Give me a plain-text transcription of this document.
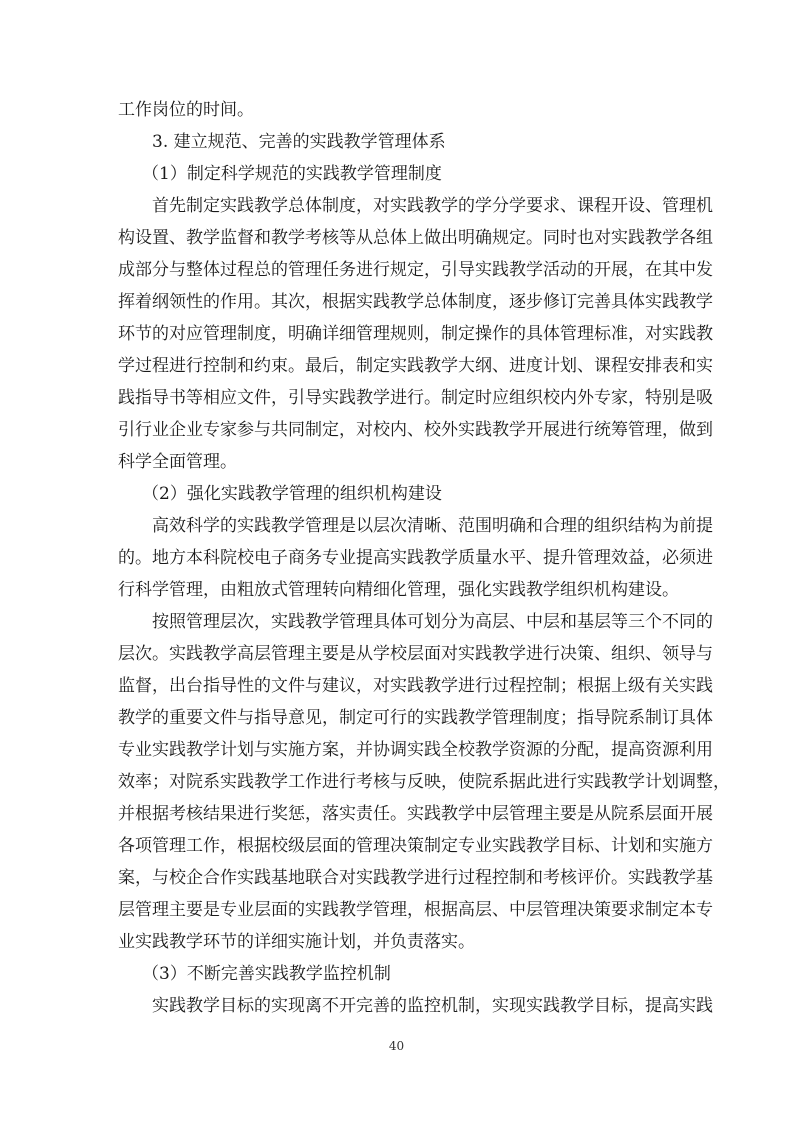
工作岗位的时间。
3. 建立规范、完善的实践教学管理体系
（1）制定科学规范的实践教学管理制度
首先制定实践教学总体制度，对实践教学的学分学要求、课程开设、管理机
构设置、教学监督和教学考核等从总体上做出明确规定。同时也对实践教学各组
成部分与整体过程总的管理任务进行规定，引导实践教学活动的开展，在其中发
挥着纲领性的作用。其次，根据实践教学总体制度，逐步修订完善具体实践教学
环节的对应管理制度，明确详细管理规则，制定操作的具体管理标准，对实践教
学过程进行控制和约束。最后，制定实践教学大纲、进度计划、课程安排表和实
践指导书等相应文件，引导实践教学进行。制定时应组织校内外专家，特别是吸
引行业企业专家参与共同制定，对校内、校外实践教学开展进行统筹管理，做到
科学全面管理。
（2）强化实践教学管理的组织机构建设
高效科学的实践教学管理是以层次清晰、范围明确和合理的组织结构为前提
的。地方本科院校电子商务专业提高实践教学质量水平、提升管理效益，必须进
行科学管理，由粗放式管理转向精细化管理，强化实践教学组织机构建设。
按照管理层次，实践教学管理具体可划分为高层、中层和基层等三个不同的
层次。实践教学高层管理主要是从学校层面对实践教学进行决策、组织、领导与
监督，出台指导性的文件与建议，对实践教学进行过程控制；根据上级有关实践
教学的重要文件与指导意见，制定可行的实践教学管理制度；指导院系制订具体
专业实践教学计划与实施方案，并协调实践全校教学资源的分配，提高资源利用
效率；对院系实践教学工作进行考核与反映，使院系据此进行实践教学计划调整，
并根据考核结果进行奖惩，落实责任。实践教学中层管理主要是从院系层面开展
各项管理工作，根据校级层面的管理决策制定专业实践教学目标、计划和实施方
案，与校企合作实践基地联合对实践教学进行过程控制和考核评价。实践教学基
层管理主要是专业层面的实践教学管理，根据高层、中层管理决策要求制定本专
业实践教学环节的详细实施计划，并负责落实。
（3）不断完善实践教学监控机制
实践教学目标的实现离不开完善的监控机制，实现实践教学目标，提高实践
40
